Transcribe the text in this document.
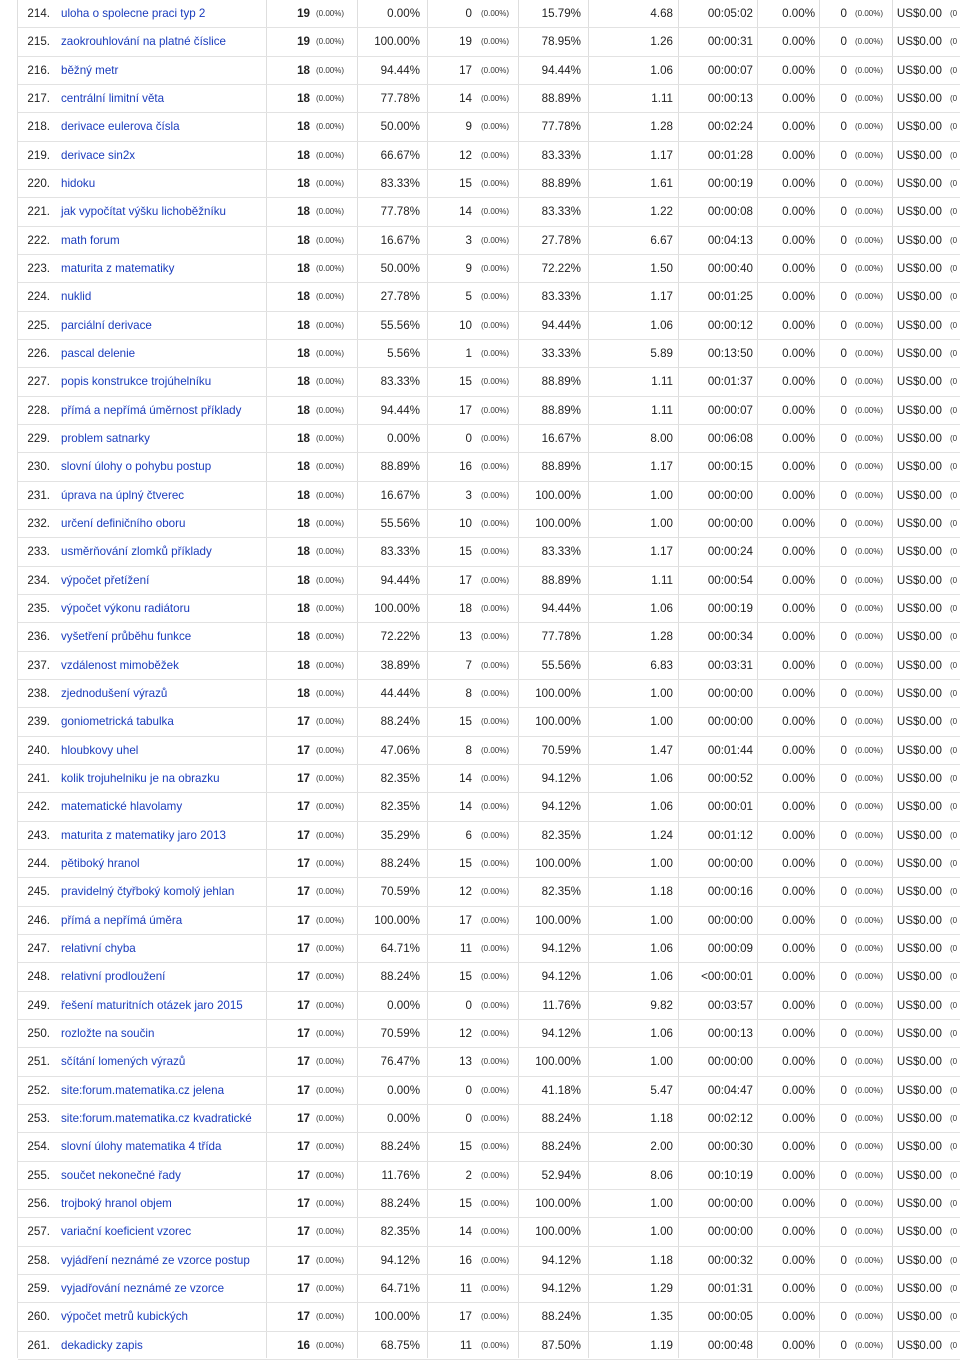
214. uloha o spolecne praci typ 2	19 (0.00%)	0.00%	0 (0.00%)	15.79%	4.68	00:05:02	0.00%	0 (0.00%)	US$0.00 (0
215. zaokrouhlování na platné číslice	19 (0.00%)	100.00%	19 (0.00%)	78.95%	1.26	00:00:31	0.00%	0 (0.00%)	US$0.00 (0
216. běžný metr	18 (0.00%)	94.44%	17 (0.00%)	94.44%	1.06	00:00:07	0.00%	0 (0.00%)	US$0.00 (0
217. centrální limitní věta	18 (0.00%)	77.78%	14 (0.00%)	88.89%	1.11	00:00:13	0.00%	0 (0.00%)	US$0.00 (0
218. derivace eulerova čísla	18 (0.00%)	50.00%	9 (0.00%)	77.78%	1.28	00:02:24	0.00%	0 (0.00%)	US$0.00 (0
219. derivace sin2x	18 (0.00%)	66.67%	12 (0.00%)	83.33%	1.17	00:01:28	0.00%	0 (0.00%)	US$0.00 (0
220. hidoku	18 (0.00%)	83.33%	15 (0.00%)	88.89%	1.61	00:00:19	0.00%	0 (0.00%)	US$0.00 (0
221. jak vypočítat výšku lichoběžníku	18 (0.00%)	77.78%	14 (0.00%)	83.33%	1.22	00:00:08	0.00%	0 (0.00%)	US$0.00 (0
222. math forum	18 (0.00%)	16.67%	3 (0.00%)	27.78%	6.67	00:04:13	0.00%	0 (0.00%)	US$0.00 (0
223. maturita z matematiky	18 (0.00%)	50.00%	9 (0.00%)	72.22%	1.50	00:00:40	0.00%	0 (0.00%)	US$0.00 (0
224. nuklid	18 (0.00%)	27.78%	5 (0.00%)	83.33%	1.17	00:01:25	0.00%	0 (0.00%)	US$0.00 (0
225. parciální derivace	18 (0.00%)	55.56%	10 (0.00%)	94.44%	1.06	00:00:12	0.00%	0 (0.00%)	US$0.00 (0
226. pascal delenie	18 (0.00%)	5.56%	1 (0.00%)	33.33%	5.89	00:13:50	0.00%	0 (0.00%)	US$0.00 (0
227. popis konstrukce trojúhelníku	18 (0.00%)	83.33%	15 (0.00%)	88.89%	1.11	00:01:37	0.00%	0 (0.00%)	US$0.00 (0
228. přímá a nepřímá úměrnost příklady	18 (0.00%)	94.44%	17 (0.00%)	88.89%	1.11	00:00:07	0.00%	0 (0.00%)	US$0.00 (0
229. problem satnarky	18 (0.00%)	0.00%	0 (0.00%)	16.67%	8.00	00:06:08	0.00%	0 (0.00%)	US$0.00 (0
230. slovní úlohy o pohybu postup	18 (0.00%)	88.89%	16 (0.00%)	88.89%	1.17	00:00:15	0.00%	0 (0.00%)	US$0.00 (0
231. úprava na úplný čtverec	18 (0.00%)	16.67%	3 (0.00%)	100.00%	1.00	00:00:00	0.00%	0 (0.00%)	US$0.00 (0
232. určení definičního oboru	18 (0.00%)	55.56%	10 (0.00%)	100.00%	1.00	00:00:00	0.00%	0 (0.00%)	US$0.00 (0
233. usměrňování zlomků příklady	18 (0.00%)	83.33%	15 (0.00%)	83.33%	1.17	00:00:24	0.00%	0 (0.00%)	US$0.00 (0
234. výpočet přetížení	18 (0.00%)	94.44%	17 (0.00%)	88.89%	1.11	00:00:54	0.00%	0 (0.00%)	US$0.00 (0
235. výpočet výkonu radiátoru	18 (0.00%)	100.00%	18 (0.00%)	94.44%	1.06	00:00:19	0.00%	0 (0.00%)	US$0.00 (0
236. vyšetření průběhu funkce	18 (0.00%)	72.22%	13 (0.00%)	77.78%	1.28	00:00:34	0.00%	0 (0.00%)	US$0.00 (0
237. vzdálenost mimoběžek	18 (0.00%)	38.89%	7 (0.00%)	55.56%	6.83	00:03:31	0.00%	0 (0.00%)	US$0.00 (0
238. zjednodušení výrazů	18 (0.00%)	44.44%	8 (0.00%)	100.00%	1.00	00:00:00	0.00%	0 (0.00%)	US$0.00 (0
239. goniometrická tabulka	17 (0.00%)	88.24%	15 (0.00%)	100.00%	1.00	00:00:00	0.00%	0 (0.00%)	US$0.00 (0
240. hloubkovy uhel	17 (0.00%)	47.06%	8 (0.00%)	70.59%	1.47	00:01:44	0.00%	0 (0.00%)	US$0.00 (0
241. kolik trojuhelniku je na obrazku	17 (0.00%)	82.35%	14 (0.00%)	94.12%	1.06	00:00:52	0.00%	0 (0.00%)	US$0.00 (0
242. matematické hlavolamy	17 (0.00%)	82.35%	14 (0.00%)	94.12%	1.06	00:00:01	0.00%	0 (0.00%)	US$0.00 (0
243. maturita z matematiky jaro 2013	17 (0.00%)	35.29%	6 (0.00%)	82.35%	1.24	00:01:12	0.00%	0 (0.00%)	US$0.00 (0
244. pětiboký hranol	17 (0.00%)	88.24%	15 (0.00%)	100.00%	1.00	00:00:00	0.00%	0 (0.00%)	US$0.00 (0
245. pravidelný čtyřboký komolý jehlan	17 (0.00%)	70.59%	12 (0.00%)	82.35%	1.18	00:00:16	0.00%	0 (0.00%)	US$0.00 (0
246. přímá a nepřímá úměra	17 (0.00%)	100.00%	17 (0.00%)	100.00%	1.00	00:00:00	0.00%	0 (0.00%)	US$0.00 (0
247. relativní chyba	17 (0.00%)	64.71%	11 (0.00%)	94.12%	1.06	00:00:09	0.00%	0 (0.00%)	US$0.00 (0
248. relativní prodloužení	17 (0.00%)	88.24%	15 (0.00%)	94.12%	1.06	<00:00:01	0.00%	0 (0.00%)	US$0.00 (0
249. řešení maturitních otázek jaro 2015	17 (0.00%)	0.00%	0 (0.00%)	11.76%	9.82	00:03:57	0.00%	0 (0.00%)	US$0.00 (0
250. rozložte na součin	17 (0.00%)	70.59%	12 (0.00%)	94.12%	1.06	00:00:13	0.00%	0 (0.00%)	US$0.00 (0
251. sčítání lomených výrazů	17 (0.00%)	76.47%	13 (0.00%)	100.00%	1.00	00:00:00	0.00%	0 (0.00%)	US$0.00 (0
252. site:forum.matematika.cz jelena	17 (0.00%)	0.00%	0 (0.00%)	41.18%	5.47	00:04:47	0.00%	0 (0.00%)	US$0.00 (0
253. site:forum.matematika.cz kvadratické	17 (0.00%)	0.00%	0 (0.00%)	88.24%	1.18	00:02:12	0.00%	0 (0.00%)	US$0.00 (0
254. slovní úlohy matematika 4 třída	17 (0.00%)	88.24%	15 (0.00%)	88.24%	2.00	00:00:30	0.00%	0 (0.00%)	US$0.00 (0
255. součet nekonečné řady	17 (0.00%)	11.76%	2 (0.00%)	52.94%	8.06	00:10:19	0.00%	0 (0.00%)	US$0.00 (0
256. trojboký hranol objem	17 (0.00%)	88.24%	15 (0.00%)	100.00%	1.00	00:00:00	0.00%	0 (0.00%)	US$0.00 (0
257. variační koeficient vzorec	17 (0.00%)	82.35%	14 (0.00%)	100.00%	1.00	00:00:00	0.00%	0 (0.00%)	US$0.00 (0
258. vyjádření neznámé ze vzorce postup	17 (0.00%)	94.12%	16 (0.00%)	94.12%	1.18	00:00:32	0.00%	0 (0.00%)	US$0.00 (0
259. vyjadřování neznámé ze vzorce	17 (0.00%)	64.71%	11 (0.00%)	94.12%	1.29	00:01:31	0.00%	0 (0.00%)	US$0.00 (0
260. výpočet metrů kubických	17 (0.00%)	100.00%	17 (0.00%)	88.24%	1.35	00:00:05	0.00%	0 (0.00%)	US$0.00 (0
261. dekadicky zapis	16 (0.00%)	68.75%	11 (0.00%)	87.50%	1.19	00:00:48	0.00%	0 (0.00%)	US$0.00 (0
